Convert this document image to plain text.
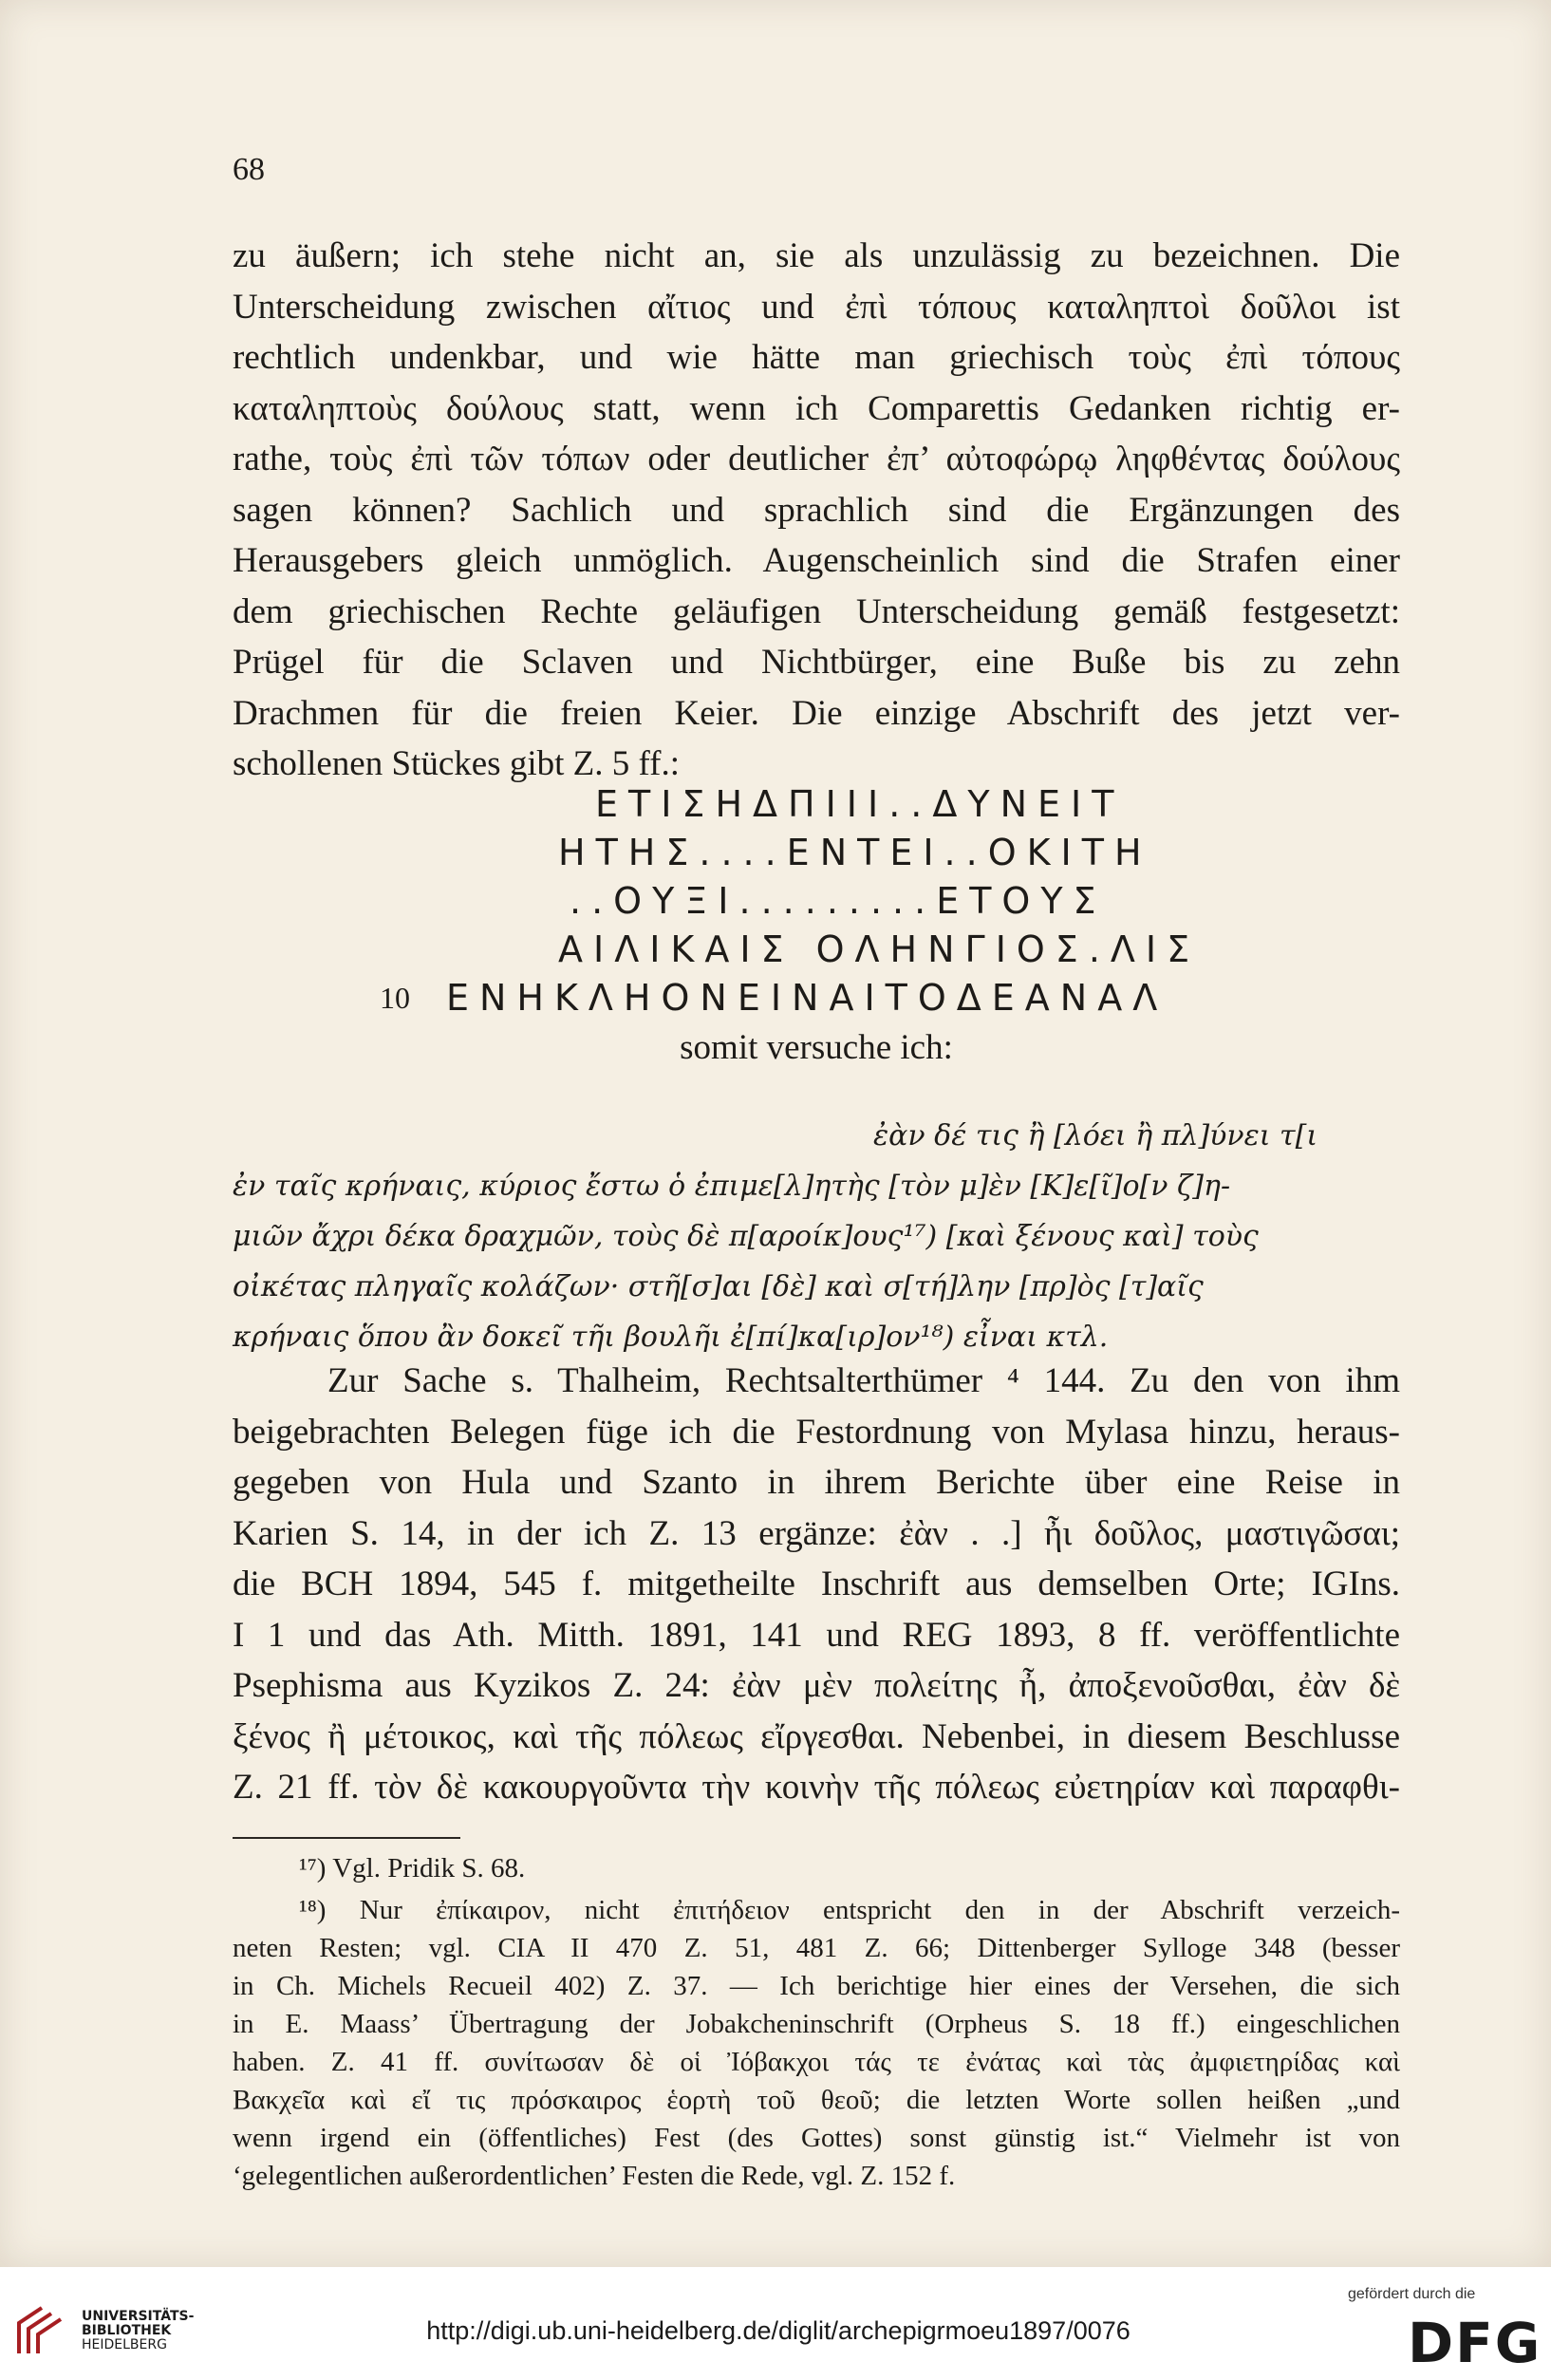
68
zu äußern; ich stehe nicht an, sie als unzulässig zu bezeichnen. Die
Unterscheidung zwischen αἴτιος und ἐπὶ τόπους καταληπτοὶ δοῦλοι ist
rechtlich undenkbar, und wie hätte man griechisch τοὺς ἐπὶ τόπους
καταληπτοὺς δούλους statt, wenn ich Comparettis Gedanken richtig er-
rathe, τοὺς ἐπὶ τῶν τόπων oder deutlicher ἐπ’ αὐτοφώρῳ ληφθέντας δούλους
sagen können? Sachlich und sprachlich sind die Ergänzungen des
Herausgebers gleich unmöglich. Augenscheinlich sind die Strafen einer
dem griechischen Rechte geläufigen Unterscheidung gemäß festgesetzt:
Prügel für die Sclaven und Nichtbürger, eine Buße bis zu zehn
Drachmen für die freien Keier. Die einzige Abschrift des jetzt ver-
schollenen Stückes gibt Z. 5 ff.:
ΕΤΙΣΗΔΠΙΙΙ..ΔΥΝΕΙΤ
ΗΤΗΣ....ΕΝΤΕΙ..ΟΚΙΤΗ
..ΟΥΞΙ.........ΕΤΟΥΣ
ΑΙΛΙΚΑΙΣ ΟΛΗΝΓΙΟΣ.ΛΙΣ
10 ΕΝΗΚΛΗΟΝΕΙΝΑΙΤΟΔΕΑΝΑΛ
somit versuche ich:
ἐὰν δέ τις ἢ [λόει ἢ πλ]ύνει τ[ι
ἐν ταῖς κρήναις, κύριος ἔστω ὁ ἐπιμε[λ]ητὴς [τὸν μ]ὲν [Κ]ε[ῖ]ο[ν ζ]η-
μιῶν ἄχρι δέκα δραχμῶν, τοὺς δὲ π[αροίκ]ους¹⁷) [καὶ ξένους καὶ] τοὺς
οἰκέτας πληγαῖς κολάζων· στῆ[σ]αι [δὲ] καὶ σ[τή]λην [πρ]ὸς [τ]αῖς
κρήναις ὅπου ἂν δοκεῖ τῆι βουλῆι ἐ[πί]κα[ιρ]ον¹⁸) εἶναι κτλ.
Zur Sache s. Thalheim, Rechtsalterthümer ⁴ 144. Zu den von ihm
beigebrachten Belegen füge ich die Festordnung von Mylasa hinzu, heraus-
gegeben von Hula und Szanto in ihrem Berichte über eine Reise in
Karien S. 14, in der ich Z. 13 ergänze: ἐὰν . .] ἦι δοῦλος, μαστιγῶσαι;
die BCH 1894, 545 f. mitgetheilte Inschrift aus demselben Orte; IGIns.
I 1 und das Ath. Mitth. 1891, 141 und REG 1893, 8 ff. veröffentlichte
Psephisma aus Kyzikos Z. 24: ἐὰν μὲν πολείτης ἦ, ἀποξενοῦσθαι, ἐὰν δὲ
ξένος ἢ μέτοικος, καὶ τῆς πόλεως εἴργεσθαι. Nebenbei, in diesem Beschlusse
Z. 21 ff. τὸν δὲ κακουργοῦντα τὴν κοινὴν τῆς πόλεως εὐετηρίαν καὶ παραφθι-
¹⁷) Vgl. Pridik S. 68.
¹⁸) Nur ἐπίκαιρον, nicht ἐπιτήδειον entspricht den in der Abschrift verzeich-
neten Resten; vgl. CIA II 470 Z. 51, 481 Z. 66; Dittenberger Sylloge 348 (besser
in Ch. Michels Recueil 402) Z. 37. — Ich berichtige hier eines der Versehen, die sich
in E. Maass’ Übertragung der Jobakcheninschrift (Orpheus S. 18 ff.) eingeschlichen
haben. Z. 41 ff. συνίτωσαν δὲ οἱ Ἰόβακχοι τάς τε ἐνάτας καὶ τὰς ἀμφιετηρίδας καὶ
Βακχεῖα καὶ εἴ τις πρόσκαιρος ἑορτὴ τοῦ θεοῦ; die letzten Worte sollen heißen „und
wenn irgend ein (öffentliches) Fest (des Gottes) sonst günstig ist.“ Vielmehr ist von
‘gelegentlichen außerordentlichen’ Festen die Rede, vgl. Z. 152 f.
UNIVERSITÄTS-
BIBLIOTHEK
HEIDELBERG	http://digi.ub.uni-heidelberg.de/diglit/archepigrmoeu1897/0076
gefördert durch die
DFG
